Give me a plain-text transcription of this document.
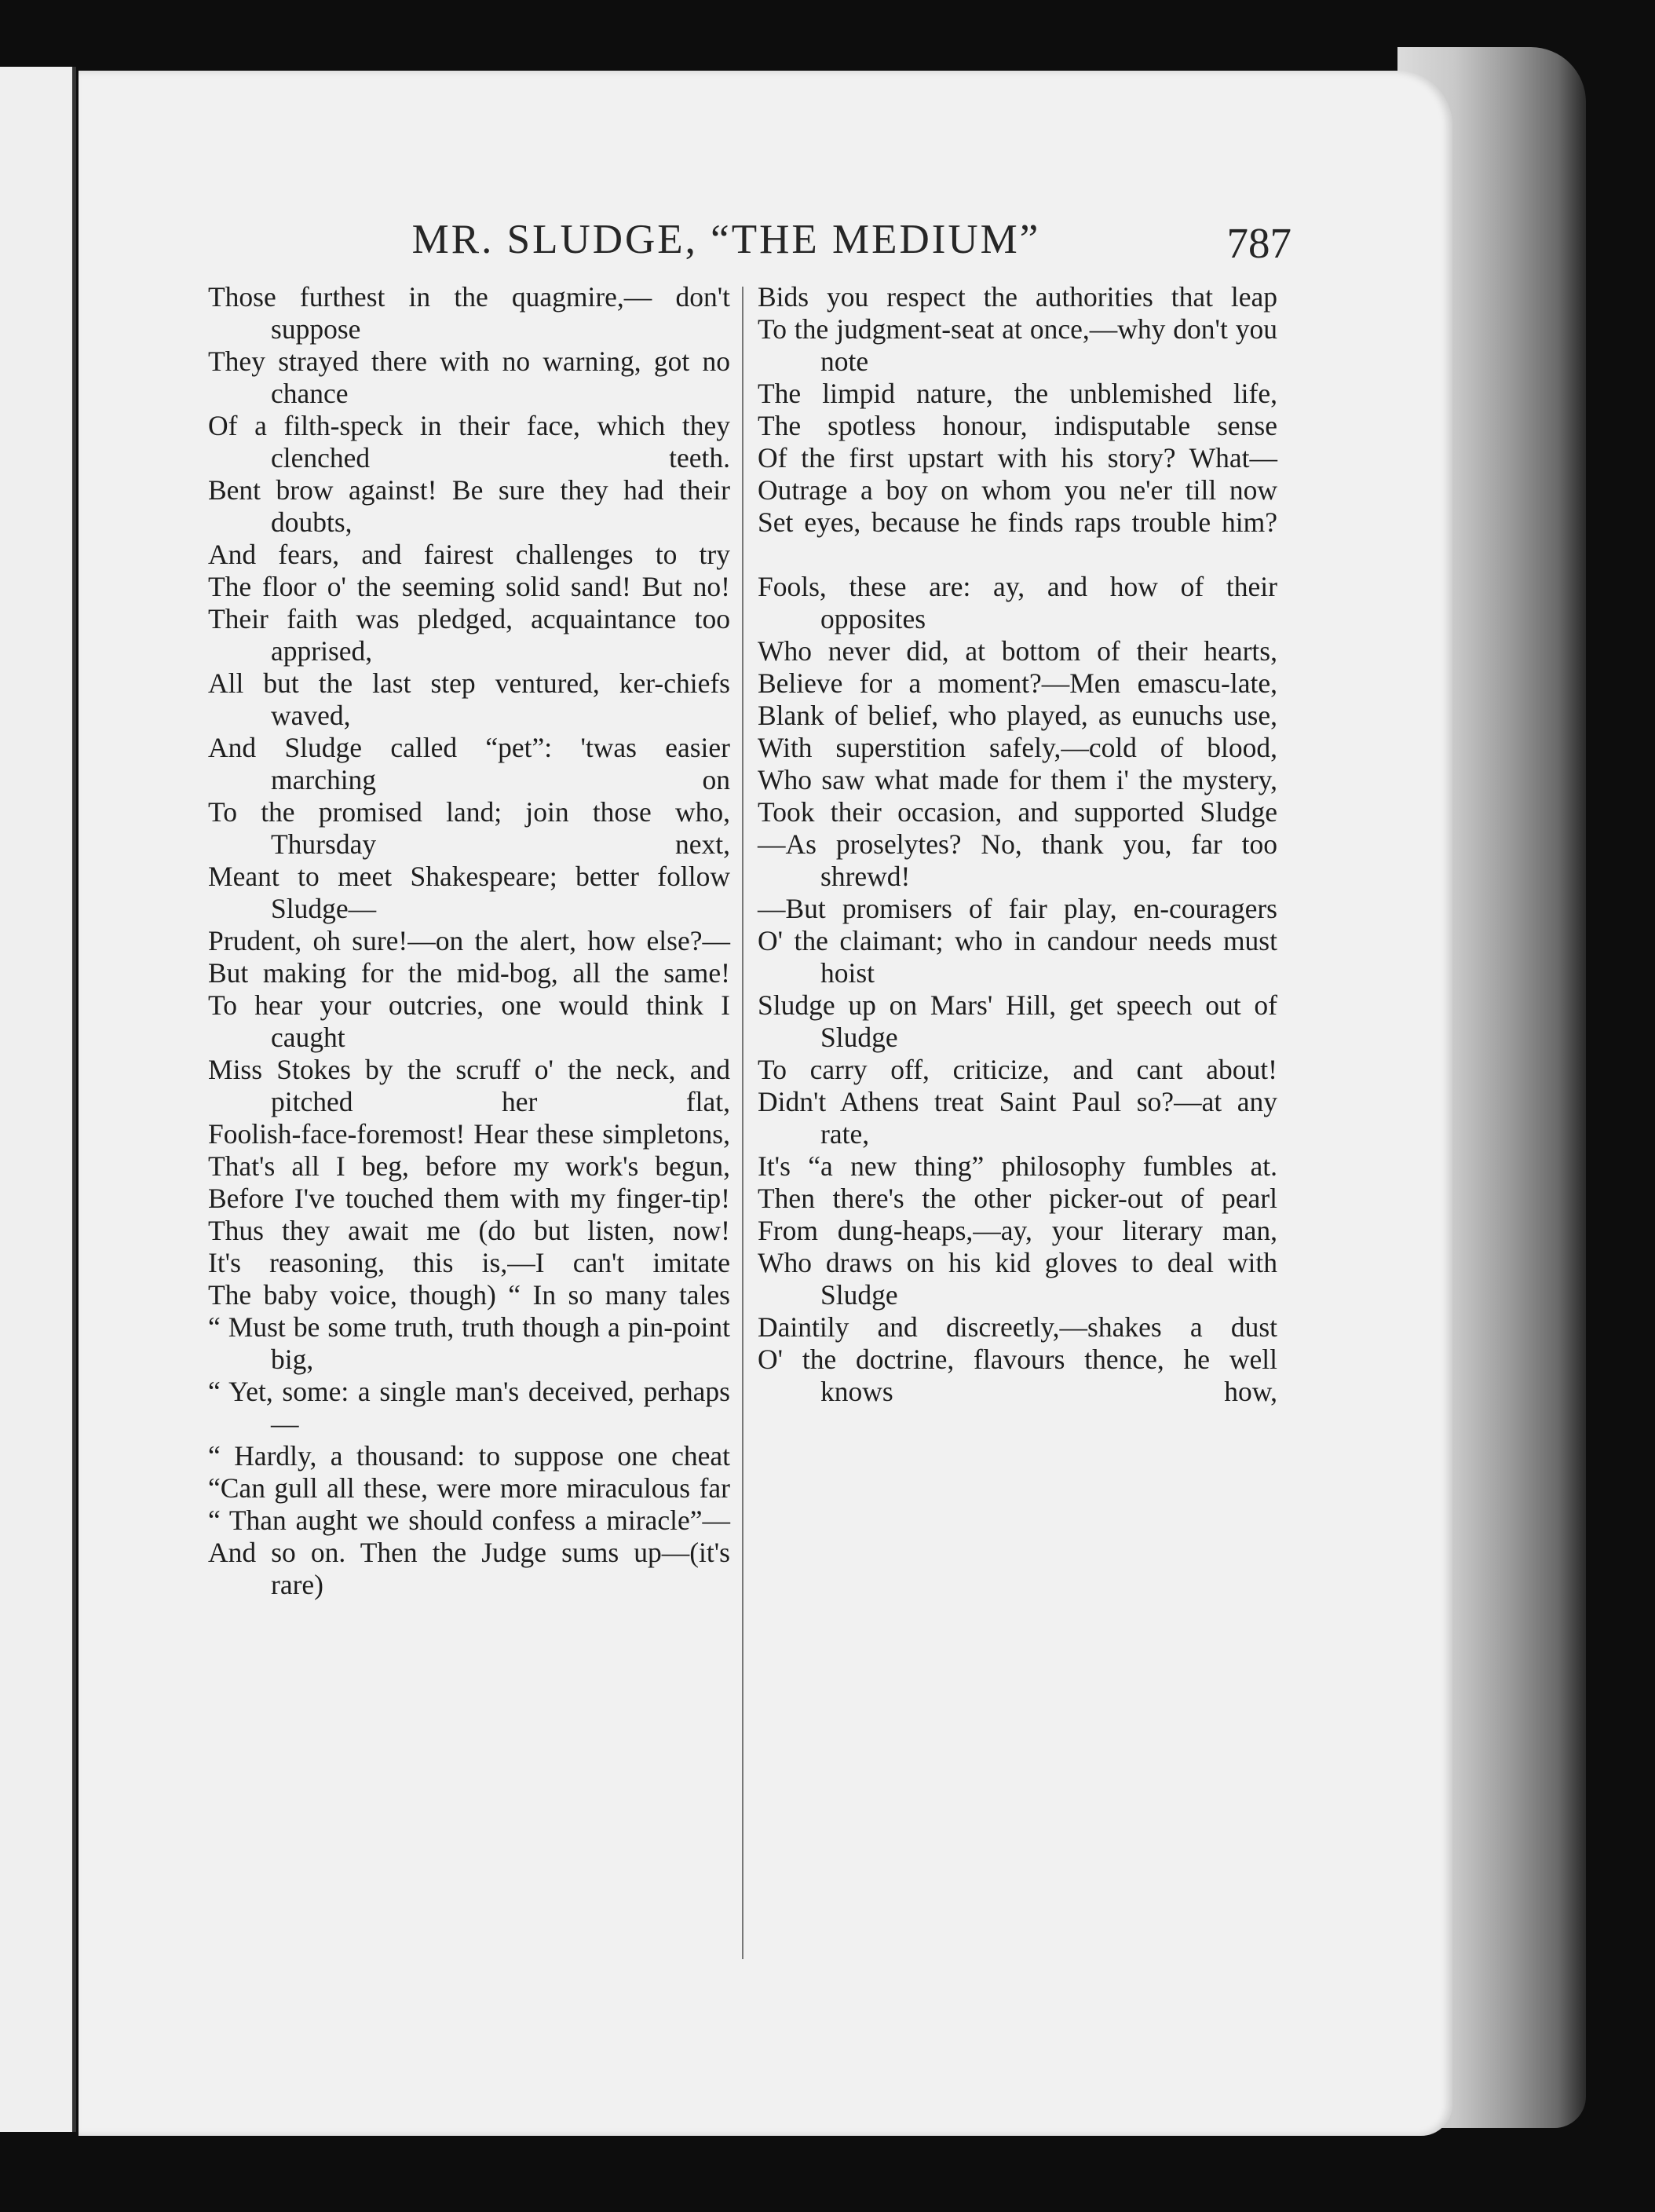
MR. SLUDGE, “THE MEDIUM”	787
Those furthest in the quagmire,— don't suppose
They strayed there with no warning, got no chance
Of a filth-speck in their face, which they clenched teeth.
Bent brow against! Be sure they had their doubts,
And fears, and fairest challenges to try
The floor o' the seeming solid sand! But no!
Their faith was pledged, acquaintance too apprised,
All but the last step ventured, ker-chiefs waved,
And Sludge called “pet”: 'twas easier marching on
To the promised land; join those who, Thursday next,
Meant to meet Shakespeare; better follow Sludge—
Prudent, oh sure!—on the alert, how else?—
But making for the mid-bog, all the same!
To hear your outcries, one would think I caught
Miss Stokes by the scruff o' the neck, and pitched her flat,
Foolish-face-foremost! Hear these simpletons,
That's all I beg, before my work's begun,
Before I've touched them with my finger-tip!
Thus they await me (do but listen, now!
It's reasoning, this is,—I can't imitate
The baby voice, though) “ In so many tales
“ Must be some truth, truth though a pin-point big,
“ Yet, some: a single man's deceived, perhaps—
“ Hardly, a thousand: to suppose one cheat
“Can gull all these, were more miraculous far
“ Than aught we should confess a miracle”—
And so on. Then the Judge sums up—(it's rare)
Bids you respect the authorities that leap
To the judgment-seat at once,—why don't you note
The limpid nature, the unblemished life,
The spotless honour, indisputable sense
Of the first upstart with his story? What—
Outrage a boy on whom you ne'er till now
Set eyes, because he finds raps trouble him?
Fools, these are: ay, and how of their opposites
Who never did, at bottom of their hearts,
Believe for a moment?—Men emascu-late,
Blank of belief, who played, as eunuchs use,
With superstition safely,—cold of blood,
Who saw what made for them i' the mystery,
Took their occasion, and supported Sludge
—As proselytes? No, thank you, far too shrewd!
—But promisers of fair play, en-couragers
O' the claimant; who in candour needs must hoist
Sludge up on Mars' Hill, get speech out of Sludge
To carry off, criticize, and cant about!
Didn't Athens treat Saint Paul so?—at any rate,
It's “a new thing” philosophy fumbles at.
Then there's the other picker-out of pearl
From dung-heaps,—ay, your literary man,
Who draws on his kid gloves to deal with Sludge
Daintily and discreetly,—shakes a dust
O' the doctrine, flavours thence, he well knows how,
